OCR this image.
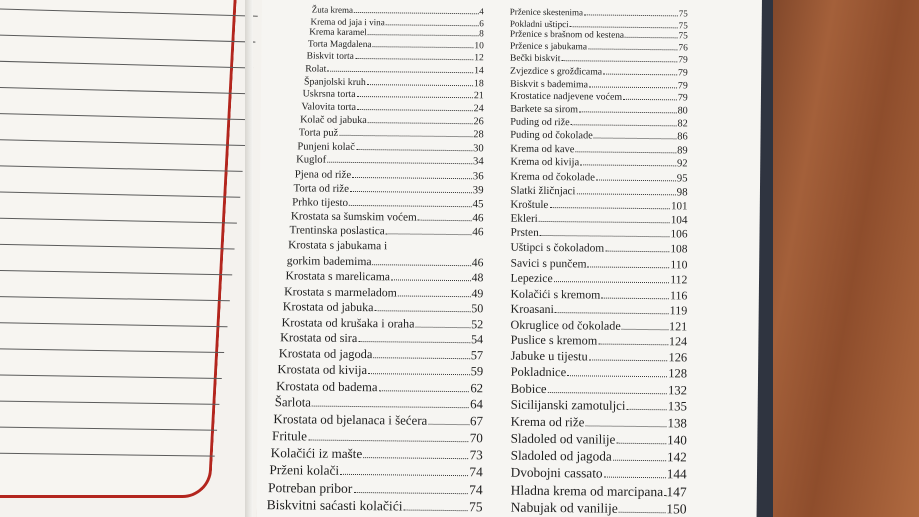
Žuta krema	4
Krema od jaja i vina	6
Krema karamel	8
Torta Magdalena	10
Biskvit torta	12
Rolat	14
Španjolski kruh	18
Uskrsna torta	21
Valovita torta	24
Kolač od jabuka	26
Torta puž	28
Punjeni kolač	30
Kuglof	34
Pjena od riže	36
Torta od riže	39
Prhko tijesto	45
Krostata sa šumskim voćem	46
Trentinska poslastica	46
Krostata s jabukama i
gorkim bademima	46
Krostata s marelicama	48
Krostata s marmeladom	49
Krostata od jabuka	50
Krostata od krušaka i oraha	52
Krostata od sira	54
Krostata od jagoda	57
Krostata od kivija	59
Krostata od badema	62
Šarlota	64
Krostata od bjelanaca i šećera	67
Fritule	70
Kolačići iz mašte	73
Prženi kolači	74
Potreban pribor	74
Biskvitni saćasti kolačići	75
Prženice skestenima	75
Pokladni uštipci	75
Prženice s brašnom od kestena	75
Prženice s jabukama	76
Bečki biskvit	79
Zvjezdice s grožđicama	79
Biskvit s bademima	79
Krostatice nadjevene voćem	79
Barkete sa sirom	80
Puding od riže	82
Puding od čokolade	86
Krema od kave	89
Krema od kivija	92
Krema od čokolade	95
Slatki žličnjaci	98
Kroštule	101
Ekleri	104
Prsten	106
Uštipci s čokoladom	108
Savici s punčem	110
Lepezice	112
Kolačići s kremom	116
Kroasani	119
Okruglice od čokolade	121
Puslice s kremom	124
Jabuke u tijestu	126
Pokladnice	128
Bobice	132
Sicilijanski zamotuljci	135
Krema od riže	138
Sladoled od vanilije	140
Sladoled od jagoda	142
Dvobojni cassato	144
Hladna krema od marcipana 147
Nabujak od vanilije	150
